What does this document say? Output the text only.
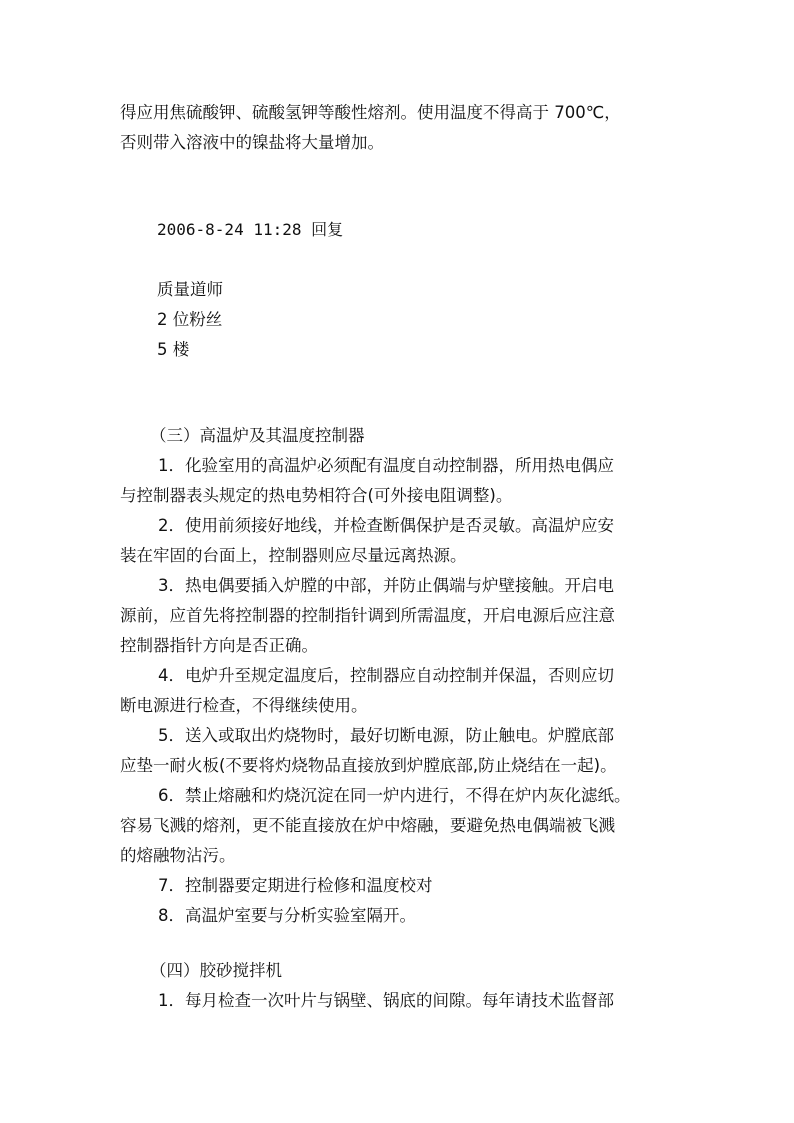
得应用焦硫酸钾、硫酸氢钾等酸性熔剂。使用温度不得高于 700℃，
否则带入溶液中的镍盐将大量增加。
2006-8-24 11:28 回复
质量道师
2 位粉丝
5 楼
（三）高温炉及其温度控制器
1．化验室用的高温炉必须配有温度自动控制器，所用热电偶应
与控制器表头规定的热电势相符合(可外接电阻调整)。
2．使用前须接好地线，并检查断偶保护是否灵敏。高温炉应安
装在牢固的台面上，控制器则应尽量远离热源。
3．热电偶要插入炉膛的中部，并防止偶端与炉壁接触。开启电
源前，应首先将控制器的控制指针调到所需温度，开启电源后应注意
控制器指针方向是否正确。
4．电炉升至规定温度后，控制器应自动控制并保温，否则应切
断电源进行检查，不得继续使用。
5．送入或取出灼烧物时，最好切断电源，防止触电。炉膛底部
应垫一耐火板(不要将灼烧物品直接放到炉膛底部,防止烧结在一起)。
6．禁止熔融和灼烧沉淀在同一炉内进行，不得在炉内灰化滤纸。
容易飞溅的熔剂，更不能直接放在炉中熔融，要避免热电偶端被飞溅
的熔融物沾污。
7．控制器要定期进行检修和温度校对
8．高温炉室要与分析实验室隔开。
（四）胶砂搅拌机
1．每月检查一次叶片与锅壁、锅底的间隙。每年请技术监督部
